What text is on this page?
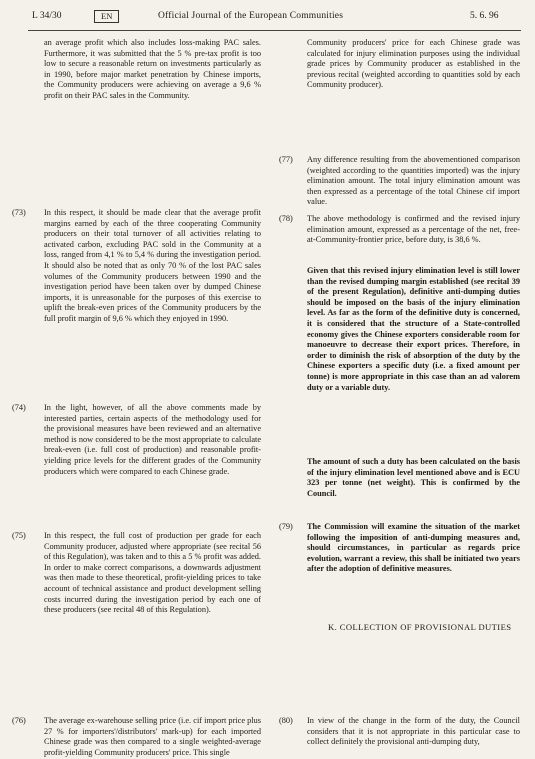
L 34/30	EN	Official Journal of the European Communities	5. 6. 96
an average profit which also includes loss-making PAC sales. Furthermore, it was submitted that the 5 % pre-tax profit is too low to secure a reasonable return on investments particularly as in 1990, before major market penetration by Chinese imports, the Community producers were achieving on average a 9,6 % profit on their PAC sales in the Community.
(73) In this respect, it should be made clear that the average profit margins earned by each of the three cooperating Community producers on their total turnover of all activities relating to activated carbon, excluding PAC sold in the Community at a loss, ranged from 4,1 % to 5,4 % during the investigation period. It should also be noted that as only 70 % of the lost PAC sales volumes of the Community producers between 1990 and the investigation period have been taken over by dumped Chinese imports, it is unreasonable for the purposes of this exercise to uplift the break-even prices of the Community producers by the full profit margin of 9,6 % which they enjoyed in 1990.
(74) In the light, however, of all the above comments made by interested parties, certain aspects of the methodology used for the provisional measures have been reviewed and an alternative method is now considered to be the most appropriate to calculate break-even (i.e. full cost of production) and reasonable profit-yielding price levels for the different grades of the Community producers which were compared to each Chinese grade.
(75) In this respect, the full cost of production per grade for each Community producer, adjusted where appropriate (see recital 56 of this Regulation), was taken and to this a 5 % profit was added. In order to make correct comparisons, a downwards adjustment was then made to these theoretical, profit-yielding prices to take account of technical assistance and product development selling costs incurred during the investigation period by each one of these producers (see recital 48 of this Regulation).
(76) The average ex-warehouse selling price (i.e. cif import price plus 27 % for importers'/distributors' mark-up) for each imported Chinese grade was then compared to a single weighted-average profit-yielding Community producers' price. This single
Community producers' price for each Chinese grade was calculated for injury elimination purposes using the individual grade prices by Community producer as established in the previous recital (weighted according to quantities sold by each Community producer).
(77) Any difference resulting from the abovementioned comparison (weighted according to the quantities imported) was the injury elimination amount. The total injury elimination amount was then expressed as a percentage of the total Chinese cif import value.
(78) The above methodology is confirmed and the revised injury elimination amount, expressed as a percentage of the net, free-at-Community-frontier price, before duty, is 38,6 %.
Given that this revised injury elimination level is still lower than the revised dumping margin established (see recital 39 of the present Regulation), definitive anti-dumping duties should be imposed on the basis of the injury elimination level. As far as the form of the definitive duty is concerned, it is considered that the structure of a State-controlled economy gives the Chinese exporters considerable room for manoeuvre to decrease their export prices. Therefore, in order to diminish the risk of absorption of the duty by the Chinese exporters a specific duty (i.e. a fixed amount per tonne) is more appropriate in this case than an ad valorem duty or a variable duty.
The amount of such a duty has been calculated on the basis of the injury elimination level mentioned above and is ECU 323 per tonne (net weight). This is confirmed by the Council.
(79) The Commission will examine the situation of the market following the imposition of anti-dumping measures and, should circumstances, in particular as regards price evolution, warrant a review, this shall be initiated two years after the adoption of definitive measures.
K. COLLECTION OF PROVISIONAL DUTIES
(80) In view of the change in the form of the duty, the Council considers that it is not appropriate in this particular case to collect definitely the provisional anti-dumping duty,
